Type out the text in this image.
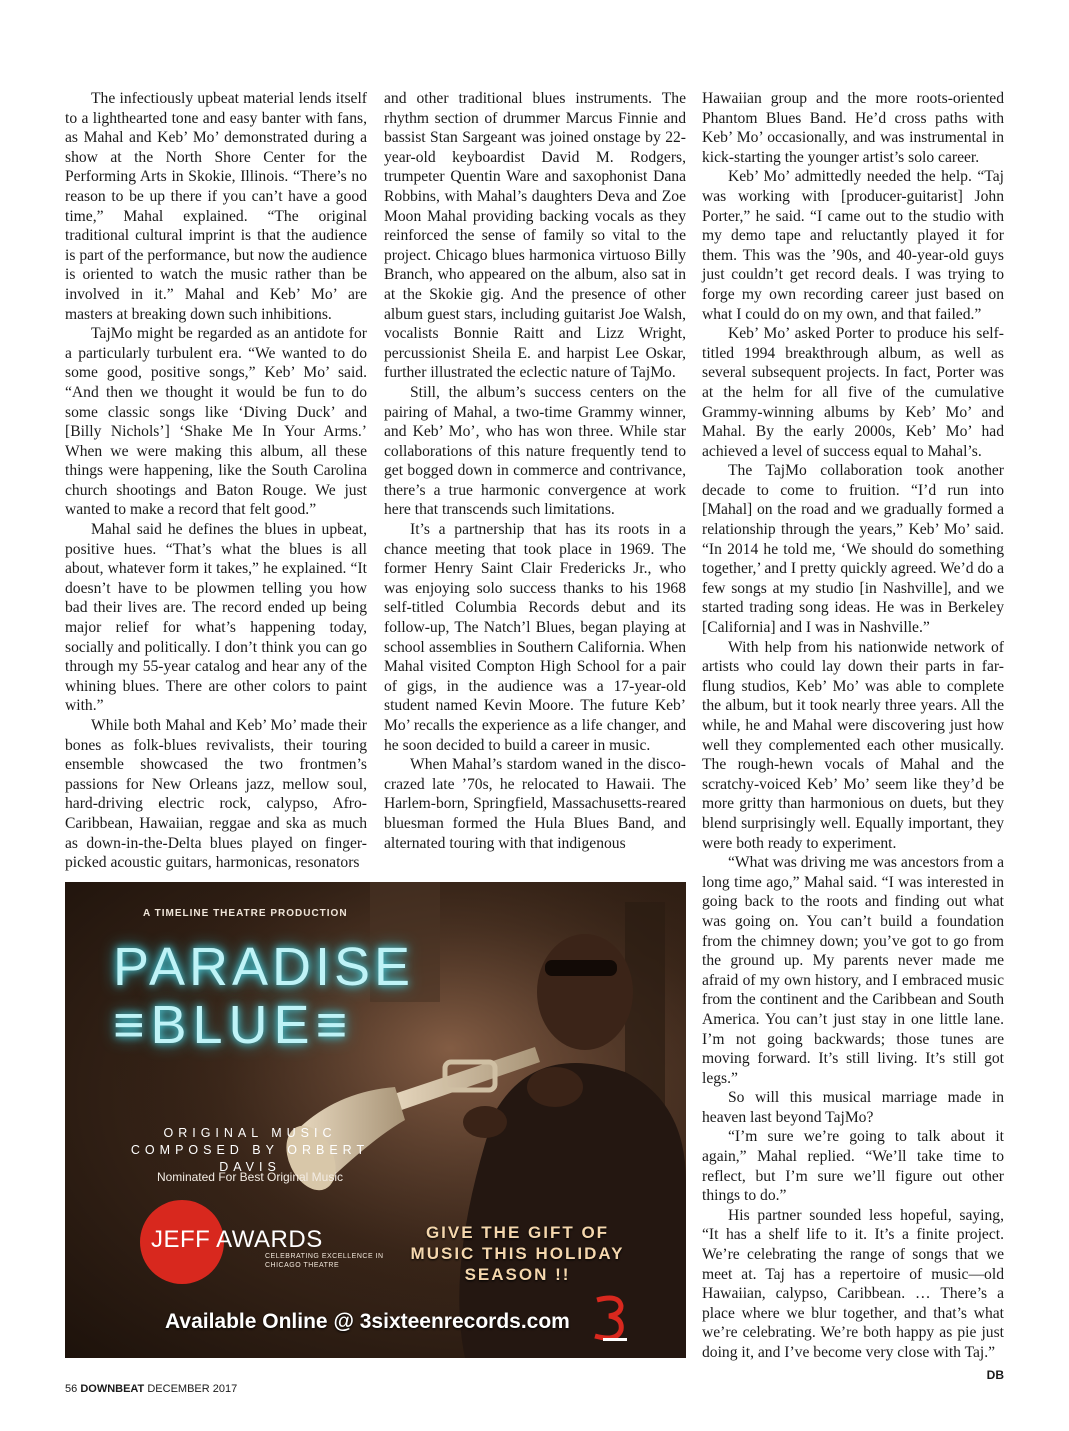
The infectiously upbeat material lends itself to a lighthearted tone and easy banter with fans, as Mahal and Keb’ Mo’ demonstrated during a show at the North Shore Center for the Performing Arts in Skokie, Illinois. “There’s no reason to be up there if you can’t have a good time,” Mahal explained. “The original traditional cultural imprint is that the audience is part of the performance, but now the audience is oriented to watch the music rather than be involved in it.” Mahal and Keb’ Mo’ are masters at breaking down such inhibitions.

TajMo might be regarded as an antidote for a particularly turbulent era. “We wanted to do some good, positive songs,” Keb’ Mo’ said. “And then we thought it would be fun to do some classic songs like ‘Diving Duck’ and [Billy Nichols’] ‘Shake Me In Your Arms.’ When we were making this album, all these things were happening, like the South Carolina church shootings and Baton Rouge. We just wanted to make a record that felt good.”

Mahal said he defines the blues in upbeat, positive hues. “That’s what the blues is all about, whatever form it takes,” he explained. “It doesn’t have to be plowmen telling you how bad their lives are. The record ended up being major relief for what’s happening today, socially and politically. I don’t think you can go through my 55-year catalog and hear any of the whining blues. There are other colors to paint with.”

While both Mahal and Keb’ Mo’ made their bones as folk-blues revivalists, their touring ensemble showcased the two frontmen’s passions for New Orleans jazz, mellow soul, hard-driving electric rock, calypso, Afro-Caribbean, Hawaiian, reggae and ska as much as down-in-the-Delta blues played on finger-picked acoustic guitars, harmonicas, resonators

and other traditional blues instruments. The rhythm section of drummer Marcus Finnie and bassist Stan Sargeant was joined onstage by 22-year-old keyboardist David M. Rodgers, trumpeter Quentin Ware and saxophonist Dana Robbins, with Mahal’s daughters Deva and Zoe Moon Mahal providing backing vocals as they reinforced the sense of family so vital to the project. Chicago blues harmonica virtuoso Billy Branch, who appeared on the album, also sat in at the Skokie gig. And the presence of other album guest stars, including guitarist Joe Walsh, vocalists Bonnie Raitt and Lizz Wright, percussionist Sheila E. and harpist Lee Oskar, further illustrated the eclectic nature of TajMo.

Still, the album’s success centers on the pairing of Mahal, a two-time Grammy winner, and Keb’ Mo’, who has won three. While star collaborations of this nature frequently tend to get bogged down in commerce and contrivance, there’s a true harmonic convergence at work here that transcends such limitations.

It’s a partnership that has its roots in a chance meeting that took place in 1969. The former Henry Saint Clair Fredericks Jr., who was enjoying solo success thanks to his 1968 self-titled Columbia Records debut and its follow-up, The Natch’l Blues, began playing at school assemblies in Southern California. When Mahal visited Compton High School for a pair of gigs, in the audience was a 17-year-old student named Kevin Moore. The future Keb’ Mo’ recalls the experience as a life changer, and he soon decided to build a career in music.

When Mahal’s stardom waned in the disco-crazed late ’70s, he relocated to Hawaii. The Harlem-born, Springfield, Massachusetts-reared bluesman formed the Hula Blues Band, and alternated touring with that indigenous

Hawaiian group and the more roots-oriented Phantom Blues Band. He’d cross paths with Keb’ Mo’ occasionally, and was instrumental in kick-starting the younger artist’s solo career.

Keb’ Mo’ admittedly needed the help. “Taj was working with [producer-guitarist] John Porter,” he said. “I came out to the studio with my demo tape and reluctantly played it for them. This was the ’90s, and 40-year-old guys just couldn’t get record deals. I was trying to forge my own recording career just based on what I could do on my own, and that failed.”

Keb’ Mo’ asked Porter to produce his self-titled 1994 breakthrough album, as well as several subsequent projects. In fact, Porter was at the helm for all five of the cumulative Grammy-winning albums by Keb’ Mo’ and Mahal. By the early 2000s, Keb’ Mo’ had achieved a level of success equal to Mahal’s.

The TajMo collaboration took another decade to come to fruition. “I’d run into [Mahal] on the road and we gradually formed a relationship through the years,” Keb’ Mo’ said. “In 2014 he told me, ‘We should do something together,’ and I pretty quickly agreed. We’d do a few songs at my studio [in Nashville], and we started trading song ideas. He was in Berkeley [California] and I was in Nashville.”

With help from his nationwide network of artists who could lay down their parts in far-flung studios, Keb’ Mo’ was able to complete the album, but it took nearly three years. All the while, he and Mahal were discovering just how well they complemented each other musically. The rough-hewn vocals of Mahal and the scratchy-voiced Keb’ Mo’ seem like they’d be more gritty than harmonious on duets, but they blend surprisingly well. Equally important, they were both ready to experiment.

“What was driving me was ancestors from a long time ago,” Mahal said. “I was interested in going back to the roots and finding out what was going on. You can’t build a foundation from the chimney down; you’ve got to go from the ground up. My parents never made me afraid of my own history, and I embraced music from the continent and the Caribbean and South America. You can’t just stay in one little lane. I’m not going backwards; those tunes are moving forward. It’s still living. It’s still got legs.”

So will this musical marriage made in heaven last beyond TajMo?

“I’m sure we’re going to talk about it again,” Mahal replied. “We’ll take time to reflect, but I’m sure we’ll figure out other things to do.”

His partner sounded less hopeful, saying, “It has a shelf life to it. It’s a finite project. We’re celebrating the range of songs that we meet at. Taj has a repertoire of music—old Hawaiian, calypso, Caribbean. … There’s a place where we blur together, and that’s what we’re celebrating. We’re both happy as pie just doing it, and I’ve become very close with Taj.”
DB

A TIMELINE THEATRE PRODUCTION
PARADISE
≡BLUE≡
ORIGINAL MUSIC COMPOSED BY ORBERT DAVIS
Nominated For Best Original Music
JEFF AWARDS
CELEBRATING EXCELLENCE IN CHICAGO THEATRE
GIVE THE GIFT OF MUSIC THIS HOLIDAY SEASON !!
Available Online @ 3sixteenrecords.com
56 DOWNBEAT DECEMBER 2017
